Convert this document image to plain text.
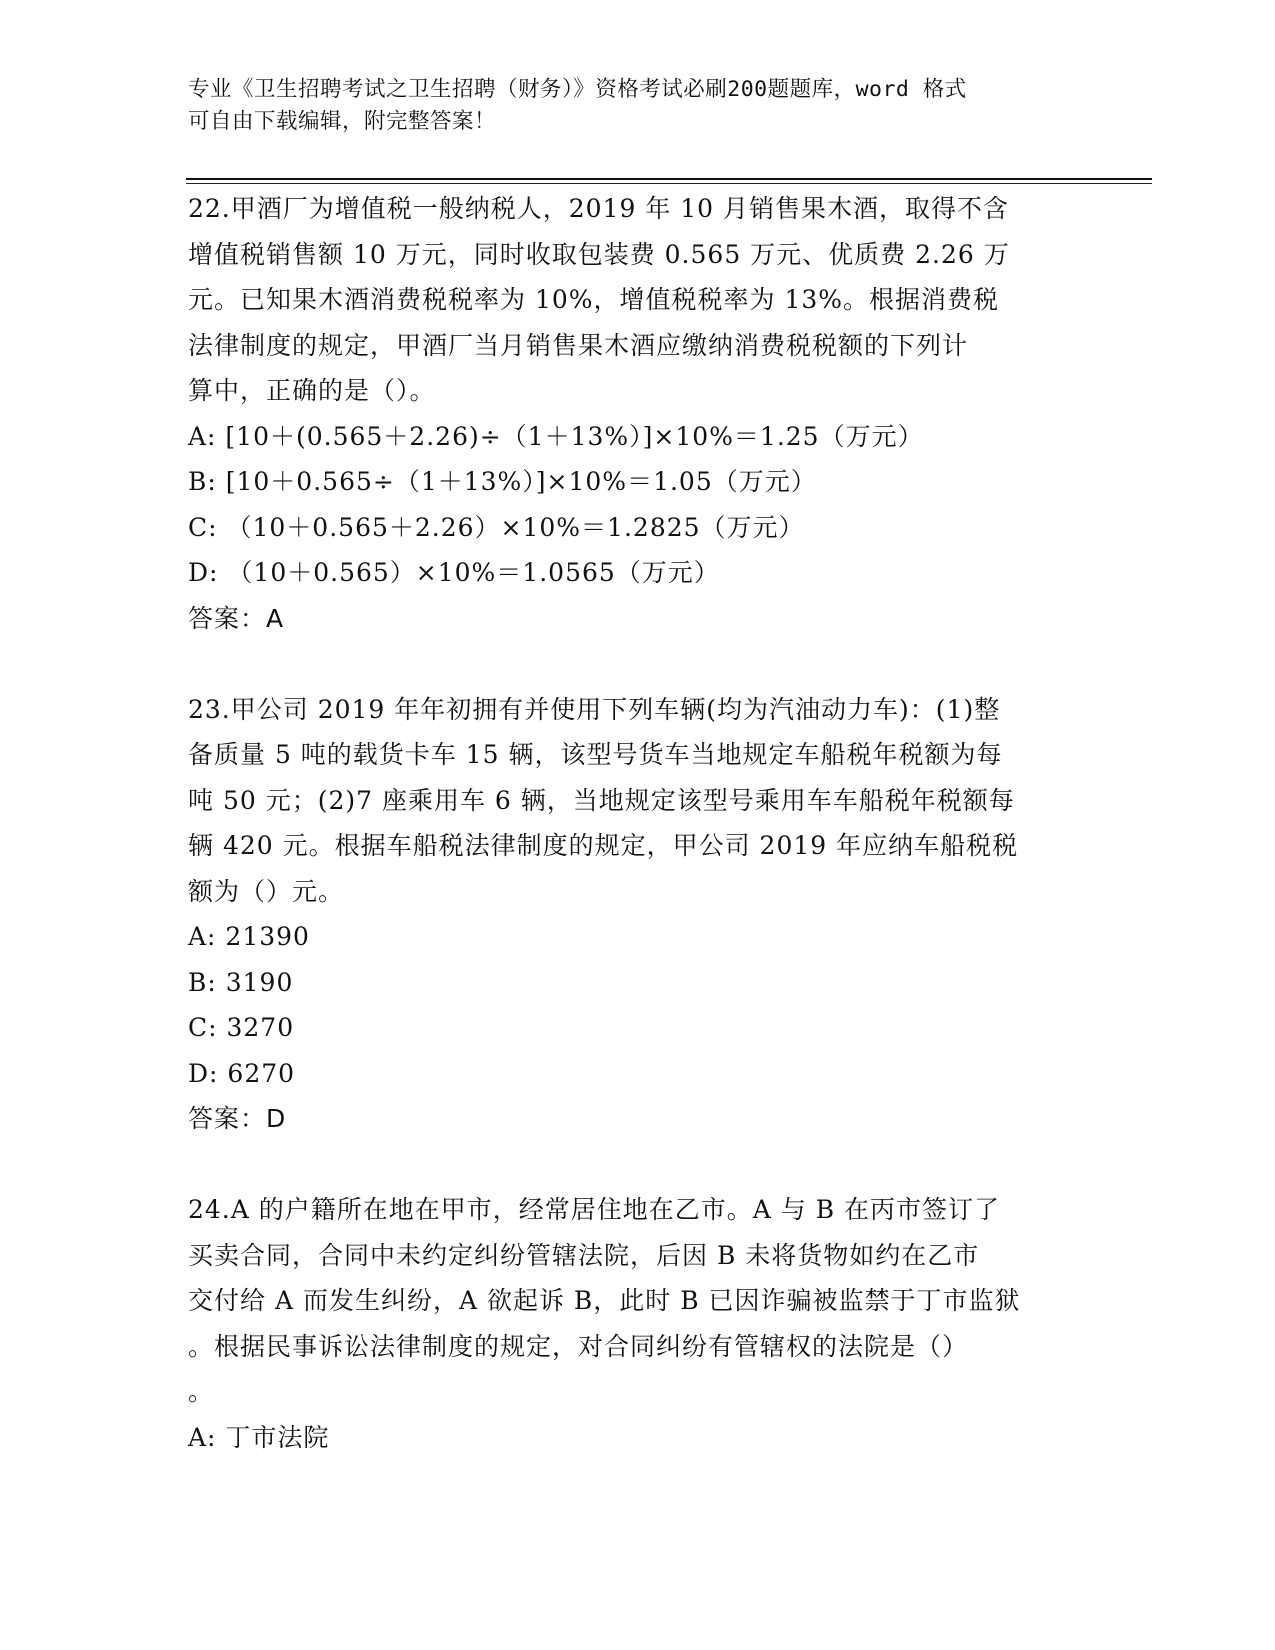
专业《卫生招聘考试之卫生招聘（财务）》资格考试必刷200题题库，word 格式
可自由下载编辑，附完整答案！
22.甲酒厂为增值税一般纳税人，2019 年 10 月销售果木酒，取得不含
增值税销售额 10 万元，同时收取包装费 0.565 万元、优质费 2.26 万
元。已知果木酒消费税税率为 10%，增值税税率为 13%。根据消费税
法律制度的规定，甲酒厂当月销售果木酒应缴纳消费税税额的下列计
算中，正确的是（）。
A: [10＋(0.565＋2.26)÷（1＋13%）]×10%＝1.25（万元）
B: [10＋0.565÷（1＋13%）]×10%＝1.05（万元）
C: （10＋0.565＋2.26）×10%＝1.2825（万元）
D: （10＋0.565）×10%＝1.0565（万元）
答案：A
23.甲公司 2019 年年初拥有并使用下列车辆(均为汽油动力车)：(1)整
备质量 5 吨的载货卡车 15 辆，该型号货车当地规定车船税年税额为每
吨 50 元；(2)7 座乘用车 6 辆，当地规定该型号乘用车车船税年税额每
辆 420 元。根据车船税法律制度的规定，甲公司 2019 年应纳车船税税
额为（）元。
A: 21390
B: 3190
C: 3270
D: 6270
答案：D
24.A 的户籍所在地在甲市，经常居住地在乙市。A 与 B 在丙市签订了
买卖合同，合同中未约定纠纷管辖法院，后因 B 未将货物如约在乙市
交付给 A 而发生纠纷，A 欲起诉 B，此时 B 已因诈骗被监禁于丁市监狱
。根据民事诉讼法律制度的规定，对合同纠纷有管辖权的法院是（）
。
A: 丁市法院
